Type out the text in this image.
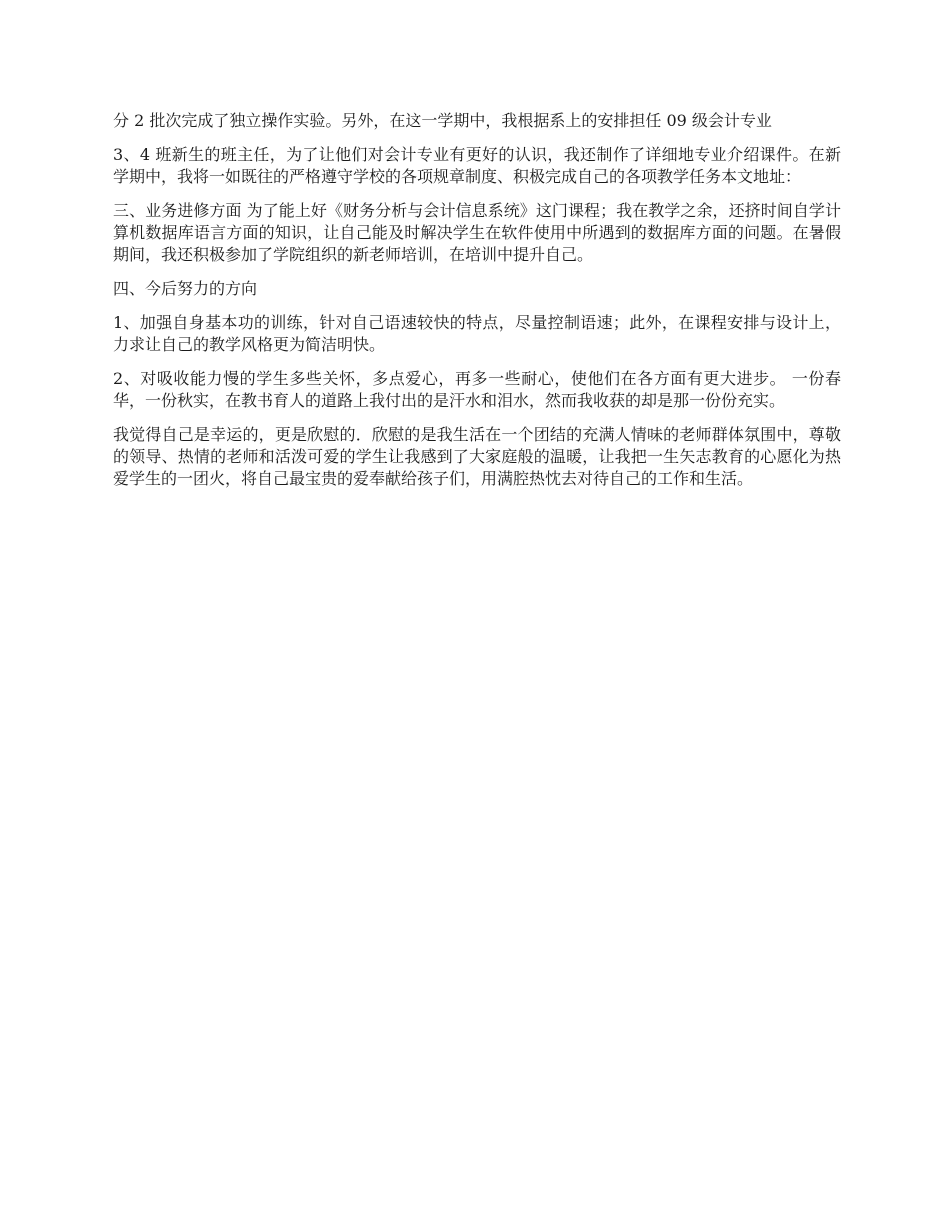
分 2 批次完成了独立操作实验。另外，在这一学期中，我根据系上的安排担任 09 级会计专业

3、4 班新生的班主任，为了让他们对会计专业有更好的认识，我还制作了详细地专业介绍课件。在新学期中，我将一如既往的严格遵守学校的各项规章制度、积极完成自己的各项教学任务本文地址：

三、业务进修方面 为了能上好《财务分析与会计信息系统》这门课程；我在教学之余，还挤时间自学计算机数据库语言方面的知识，让自己能及时解决学生在软件使用中所遇到的数据库方面的问题。在暑假期间，我还积极参加了学院组织的新老师培训，在培训中提升自己。

四、今后努力的方向

1、加强自身基本功的训练，针对自己语速较快的特点，尽量控制语速；此外，在课程安排与设计上，力求让自己的教学风格更为简洁明快。

2、对吸收能力慢的学生多些关怀，多点爱心，再多一些耐心，使他们在各方面有更大进步。 一份春华，一份秋实，在教书育人的道路上我付出的是汗水和泪水，然而我收获的却是那一份份充实。

我觉得自己是幸运的，更是欣慰的．欣慰的是我生活在一个团结的充满人情味的老师群体氛围中，尊敬的领导、热情的老师和活泼可爱的学生让我感到了大家庭般的温暖，让我把一生矢志教育的心愿化为热爱学生的一团火，将自己最宝贵的爱奉献给孩子们，用满腔热忱去对待自己的工作和生活。
